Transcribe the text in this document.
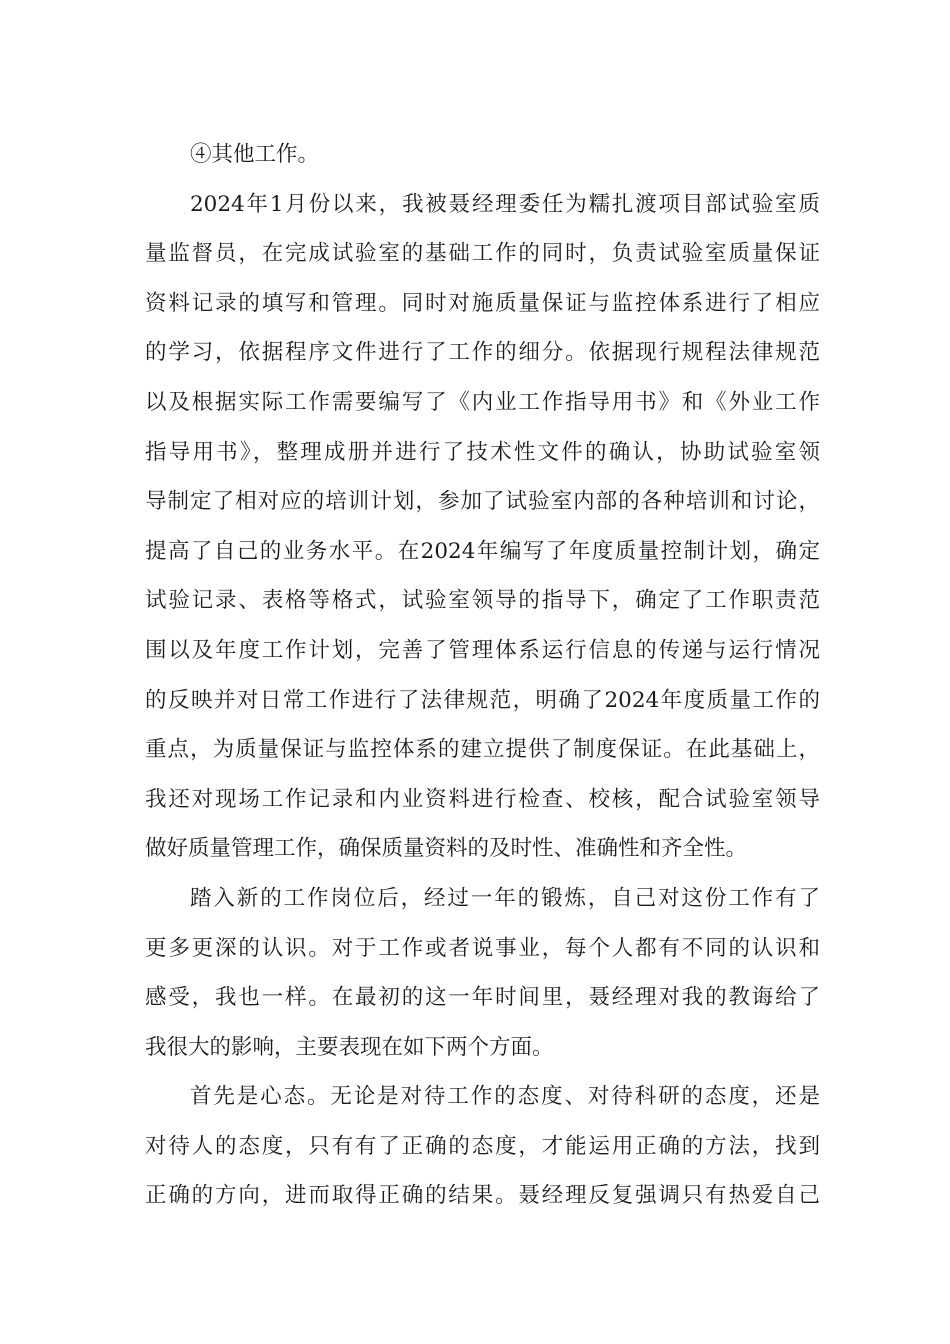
④其他工作。
2024年1月份以来，我被聂经理委任为糯扎渡项目部试验室质
量监督员，在完成试验室的基础工作的同时，负责试验室质量保证
资料记录的填写和管理。同时对施质量保证与监控体系进行了相应
的学习，依据程序文件进行了工作的细分。依据现行规程法律规范
以及根据实际工作需要编写了《内业工作指导用书》和《外业工作
指导用书》，整理成册并进行了技术性文件的确认，协助试验室领
导制定了相对应的培训计划，参加了试验室内部的各种培训和讨论，
提高了自己的业务水平。在2024年编写了年度质量控制计划，确定
试验记录、表格等格式，试验室领导的指导下，确定了工作职责范
围以及年度工作计划，完善了管理体系运行信息的传递与运行情况
的反映并对日常工作进行了法律规范，明确了2024年度质量工作的
重点，为质量保证与监控体系的建立提供了制度保证。在此基础上，
我还对现场工作记录和内业资料进行检查、校核，配合试验室领导
做好质量管理工作，确保质量资料的及时性、准确性和齐全性。
踏入新的工作岗位后，经过一年的锻炼，自己对这份工作有了
更多更深的认识。对于工作或者说事业，每个人都有不同的认识和
感受，我也一样。在最初的这一年时间里，聂经理对我的教诲给了
我很大的影响，主要表现在如下两个方面。
首先是心态。无论是对待工作的态度、对待科研的态度，还是
对待人的态度，只有有了正确的态度，才能运用正确的方法，找到
正确的方向，进而取得正确的结果。聂经理反复强调只有热爱自己
